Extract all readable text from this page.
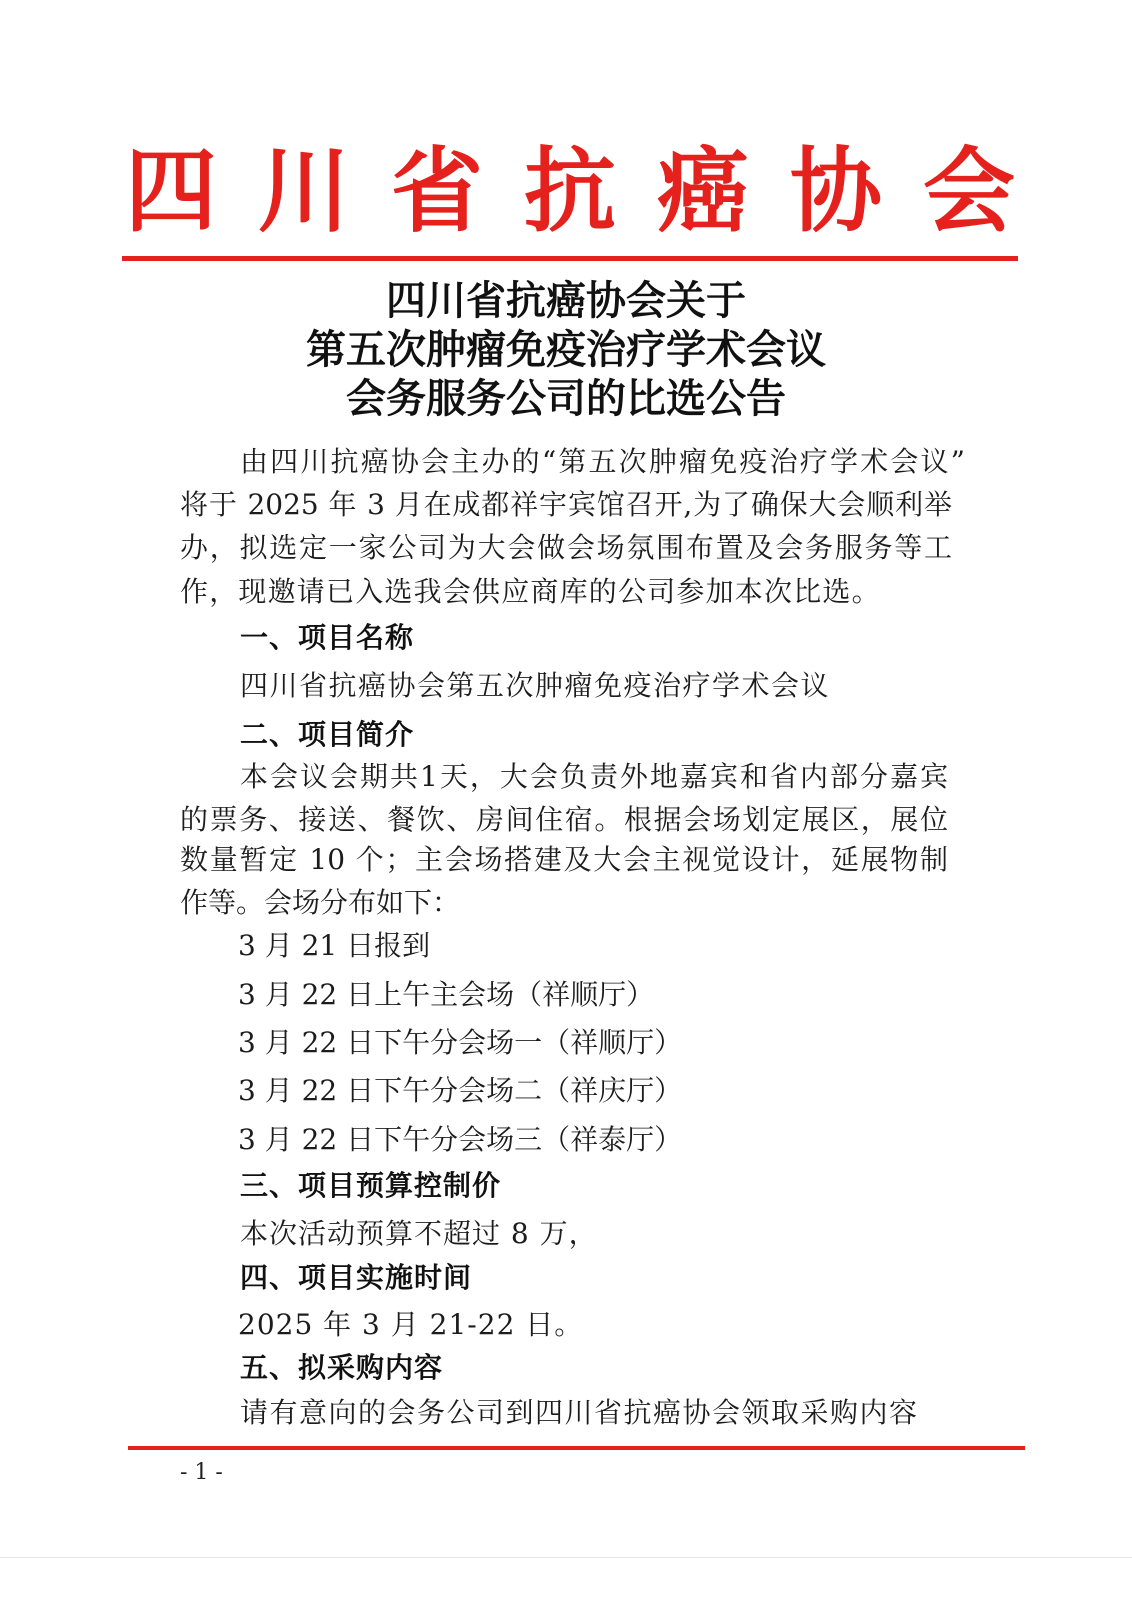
四川省抗癌协会
四川省抗癌协会关于
第五次肿瘤免疫治疗学术会议
会务服务公司的比选公告
由四川抗癌协会主办的“第五次肿瘤免疫治疗学术会议”
将于 2025 年 3 月在成都祥宇宾馆召开,为了确保大会顺利举
办，拟选定一家公司为大会做会场氛围布置及会务服务等工
作，现邀请已入选我会供应商库的公司参加本次比选。
一、项目名称
四川省抗癌协会第五次肿瘤免疫治疗学术会议
二、项目简介
本会议会期共1天，大会负责外地嘉宾和省内部分嘉宾
的票务、接送、餐饮、房间住宿。根据会场划定展区，展位
数量暂定 10 个；主会场搭建及大会主视觉设计，延展物制
作等。会场分布如下：
3 月 21 日报到
3 月 22 日上午主会场（祥顺厅）
3 月 22 日下午分会场一（祥顺厅）
3 月 22 日下午分会场二（祥庆厅）
3 月 22 日下午分会场三（祥泰厅）
三、项目预算控制价
本次活动预算不超过 8 万，
四、项目实施时间
2025 年 3 月 21-22 日。
五、拟采购内容
请有意向的会务公司到四川省抗癌协会领取采购内容
- 1 -
